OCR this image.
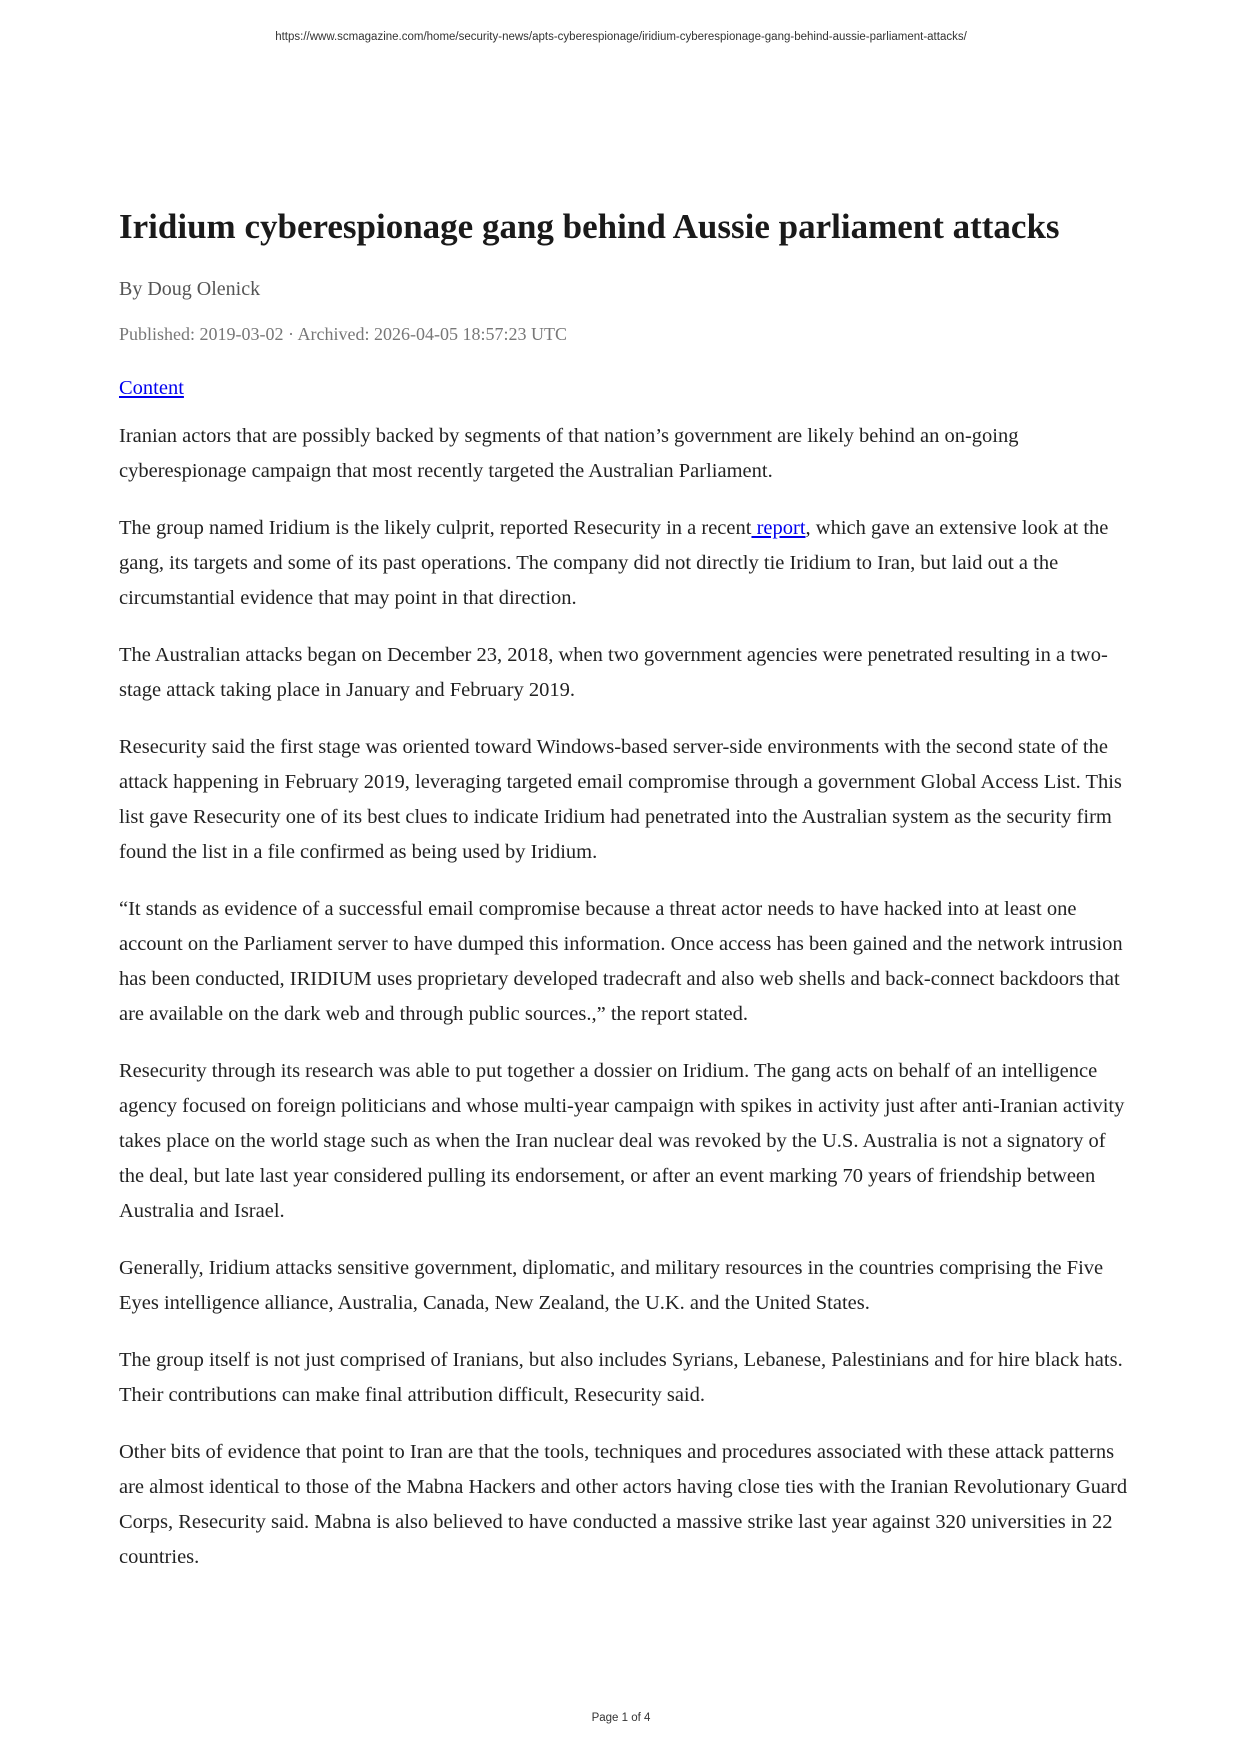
https://www.scmagazine.com/home/security-news/apts-cyberespionage/iridium-cyberespionage-gang-behind-aussie-parliament-attacks/
Iridium cyberespionage gang behind Aussie parliament attacks
By Doug Olenick
Published: 2019-03-02 · Archived: 2026-04-05 18:57:23 UTC
Content

Iranian actors that are possibly backed by segments of that nation’s government are likely behind an on-going cyberespionage campaign that most recently targeted the Australian Parliament.

The group named Iridium is the likely culprit, reported Resecurity in a recent report, which gave an extensive look at the gang, its targets and some of its past operations. The company did not directly tie Iridium to Iran, but laid out a the circumstantial evidence that may point in that direction.

The Australian attacks began on December 23, 2018, when two government agencies were penetrated resulting in a two-stage attack taking place in January and February 2019.

Resecurity said the first stage was oriented toward Windows-based server-side environments with the second state of the attack happening in February 2019, leveraging targeted email compromise through a government Global Access List. This list gave Resecurity one of its best clues to indicate Iridium had penetrated into the Australian system as the security firm found the list in a file confirmed as being used by Iridium.

“It stands as evidence of a successful email compromise because a threat actor needs to have hacked into at least one account on the Parliament server to have dumped this information. Once access has been gained and the network intrusion has been conducted, IRIDIUM uses proprietary developed tradecraft and also web shells and back-connect backdoors that are available on the dark web and through public sources.,” the report stated.

Resecurity through its research was able to put together a dossier on Iridium. The gang acts on behalf of an intelligence agency focused on foreign politicians and whose multi-year campaign with spikes in activity just after anti-Iranian activity takes place on the world stage such as when the Iran nuclear deal was revoked by the U.S. Australia is not a signatory of the deal, but late last year considered pulling its endorsement, or after an event marking 70 years of friendship between Australia and Israel.

Generally, Iridium attacks sensitive government, diplomatic, and military resources in the countries comprising the Five Eyes intelligence alliance, Australia, Canada, New Zealand, the U.K. and the United States.

The group itself is not just comprised of Iranians, but also includes Syrians, Lebanese, Palestinians and for hire black hats. Their contributions can make final attribution difficult, Resecurity said.

Other bits of evidence that point to Iran are that the tools, techniques and procedures associated with these attack patterns are almost identical to those of the Mabna Hackers and other actors having close ties with the Iranian Revolutionary Guard Corps, Resecurity said. Mabna is also believed to have conducted a massive strike last year against 320 universities in 22 countries.

Page 1 of 4
